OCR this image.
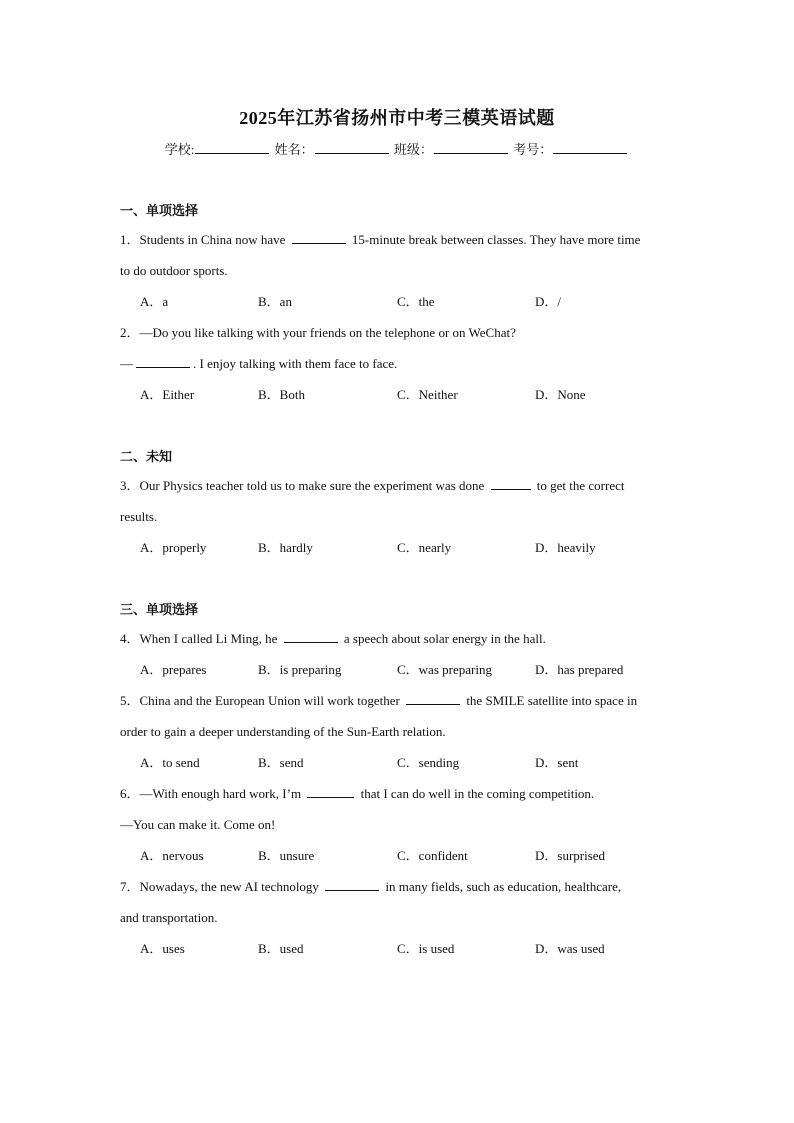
2025年江苏省扬州市中考三模英语试题
学校:	姓名：	班级：	考号：
一、单项选择
1．Students in China now have	15-minute break between classes. They have more time
to do outdoor sports.
A．a	B．an	C．the	D．/
2．—Do you like talking with your friends on the telephone or on WeChat?
—	. I enjoy talking with them face to face.
A．Either	B．Both	C．Neither	D．None
二、未知
3．Our Physics teacher told us to make sure the experiment was done	to get the correct
results.
A．properly	B．hardly	C．nearly	D．heavily
三、单项选择
4．When I called Li Ming, he	a speech about solar energy in the hall.
A．prepares	B．is preparing	C．was preparing	D．has prepared
5．China and the European Union will work together	the SMILE satellite into space in
order to gain a deeper understanding of the Sun-Earth relation.
A．to send	B．send	C．sending	D．sent
6．—With enough hard work, I’m	that I can do well in the coming competition.
—You can make it. Come on!
A．nervous	B．unsure	C．confident	D．surprised
7．Nowadays, the new AI technology	in many fields, such as education, healthcare,
and transportation.
A．uses	B．used	C．is used	D．was used
